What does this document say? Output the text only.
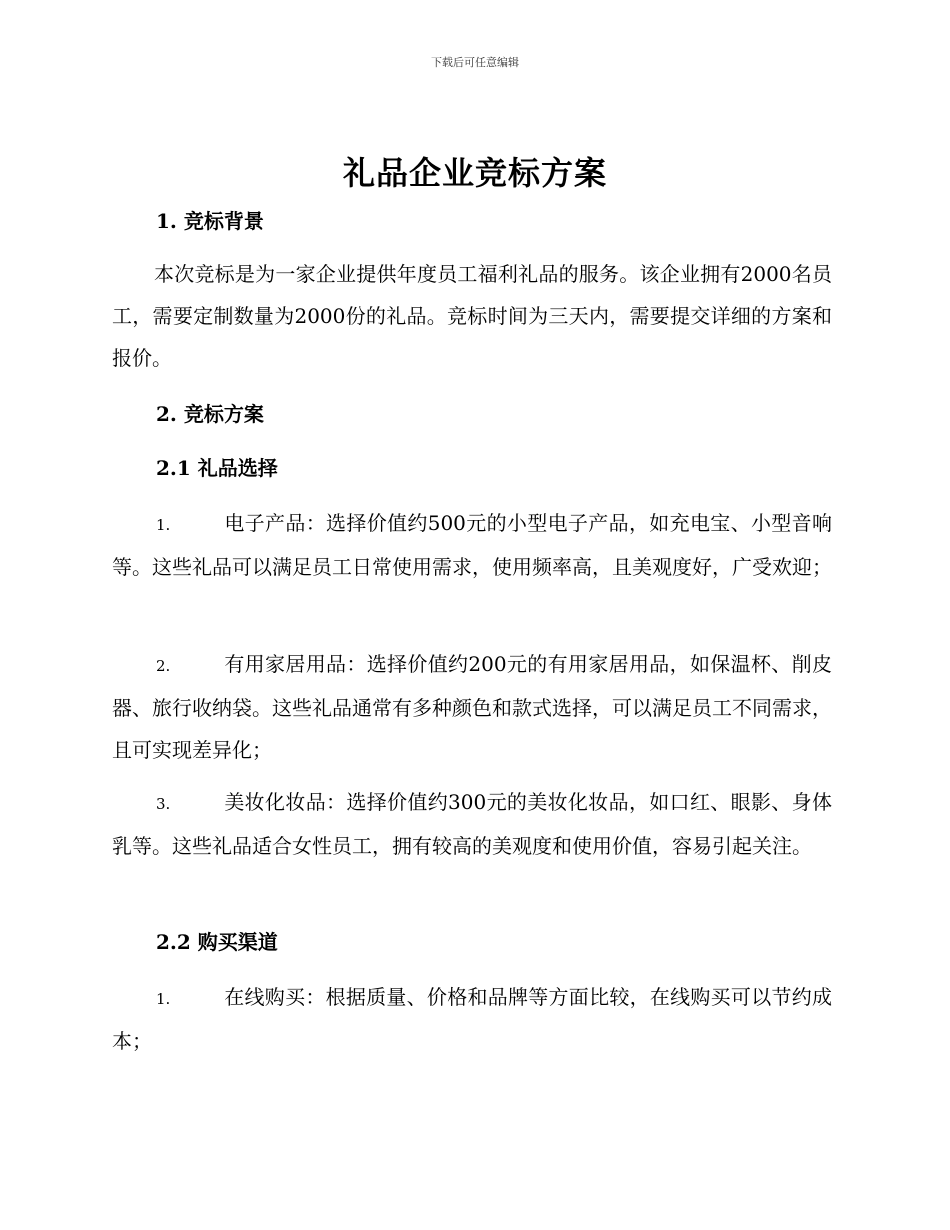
下载后可任意编辑
礼品企业竞标方案
1. 竞标背景
本次竞标是为一家企业提供年度员工福利礼品的服务。该企业拥有2000名员工，需要定制数量为2000份的礼品。竞标时间为三天内，需要提交详细的方案和报价。
2. 竞标方案
2.1 礼品选择
1.	电子产品：选择价值约500元的小型电子产品，如充电宝、小型音响等。这些礼品可以满足员工日常使用需求，使用频率高，且美观度好，广受欢迎；
2.	有用家居用品：选择价值约200元的有用家居用品，如保温杯、削皮器、旅行收纳袋。这些礼品通常有多种颜色和款式选择，可以满足员工不同需求，且可实现差异化；
3.	美妆化妆品：选择价值约300元的美妆化妆品，如口红、眼影、身体乳等。这些礼品适合女性员工，拥有较高的美观度和使用价值，容易引起关注。
2.2 购买渠道
1.	在线购买：根据质量、价格和品牌等方面比较，在线购买可以节约成本；
